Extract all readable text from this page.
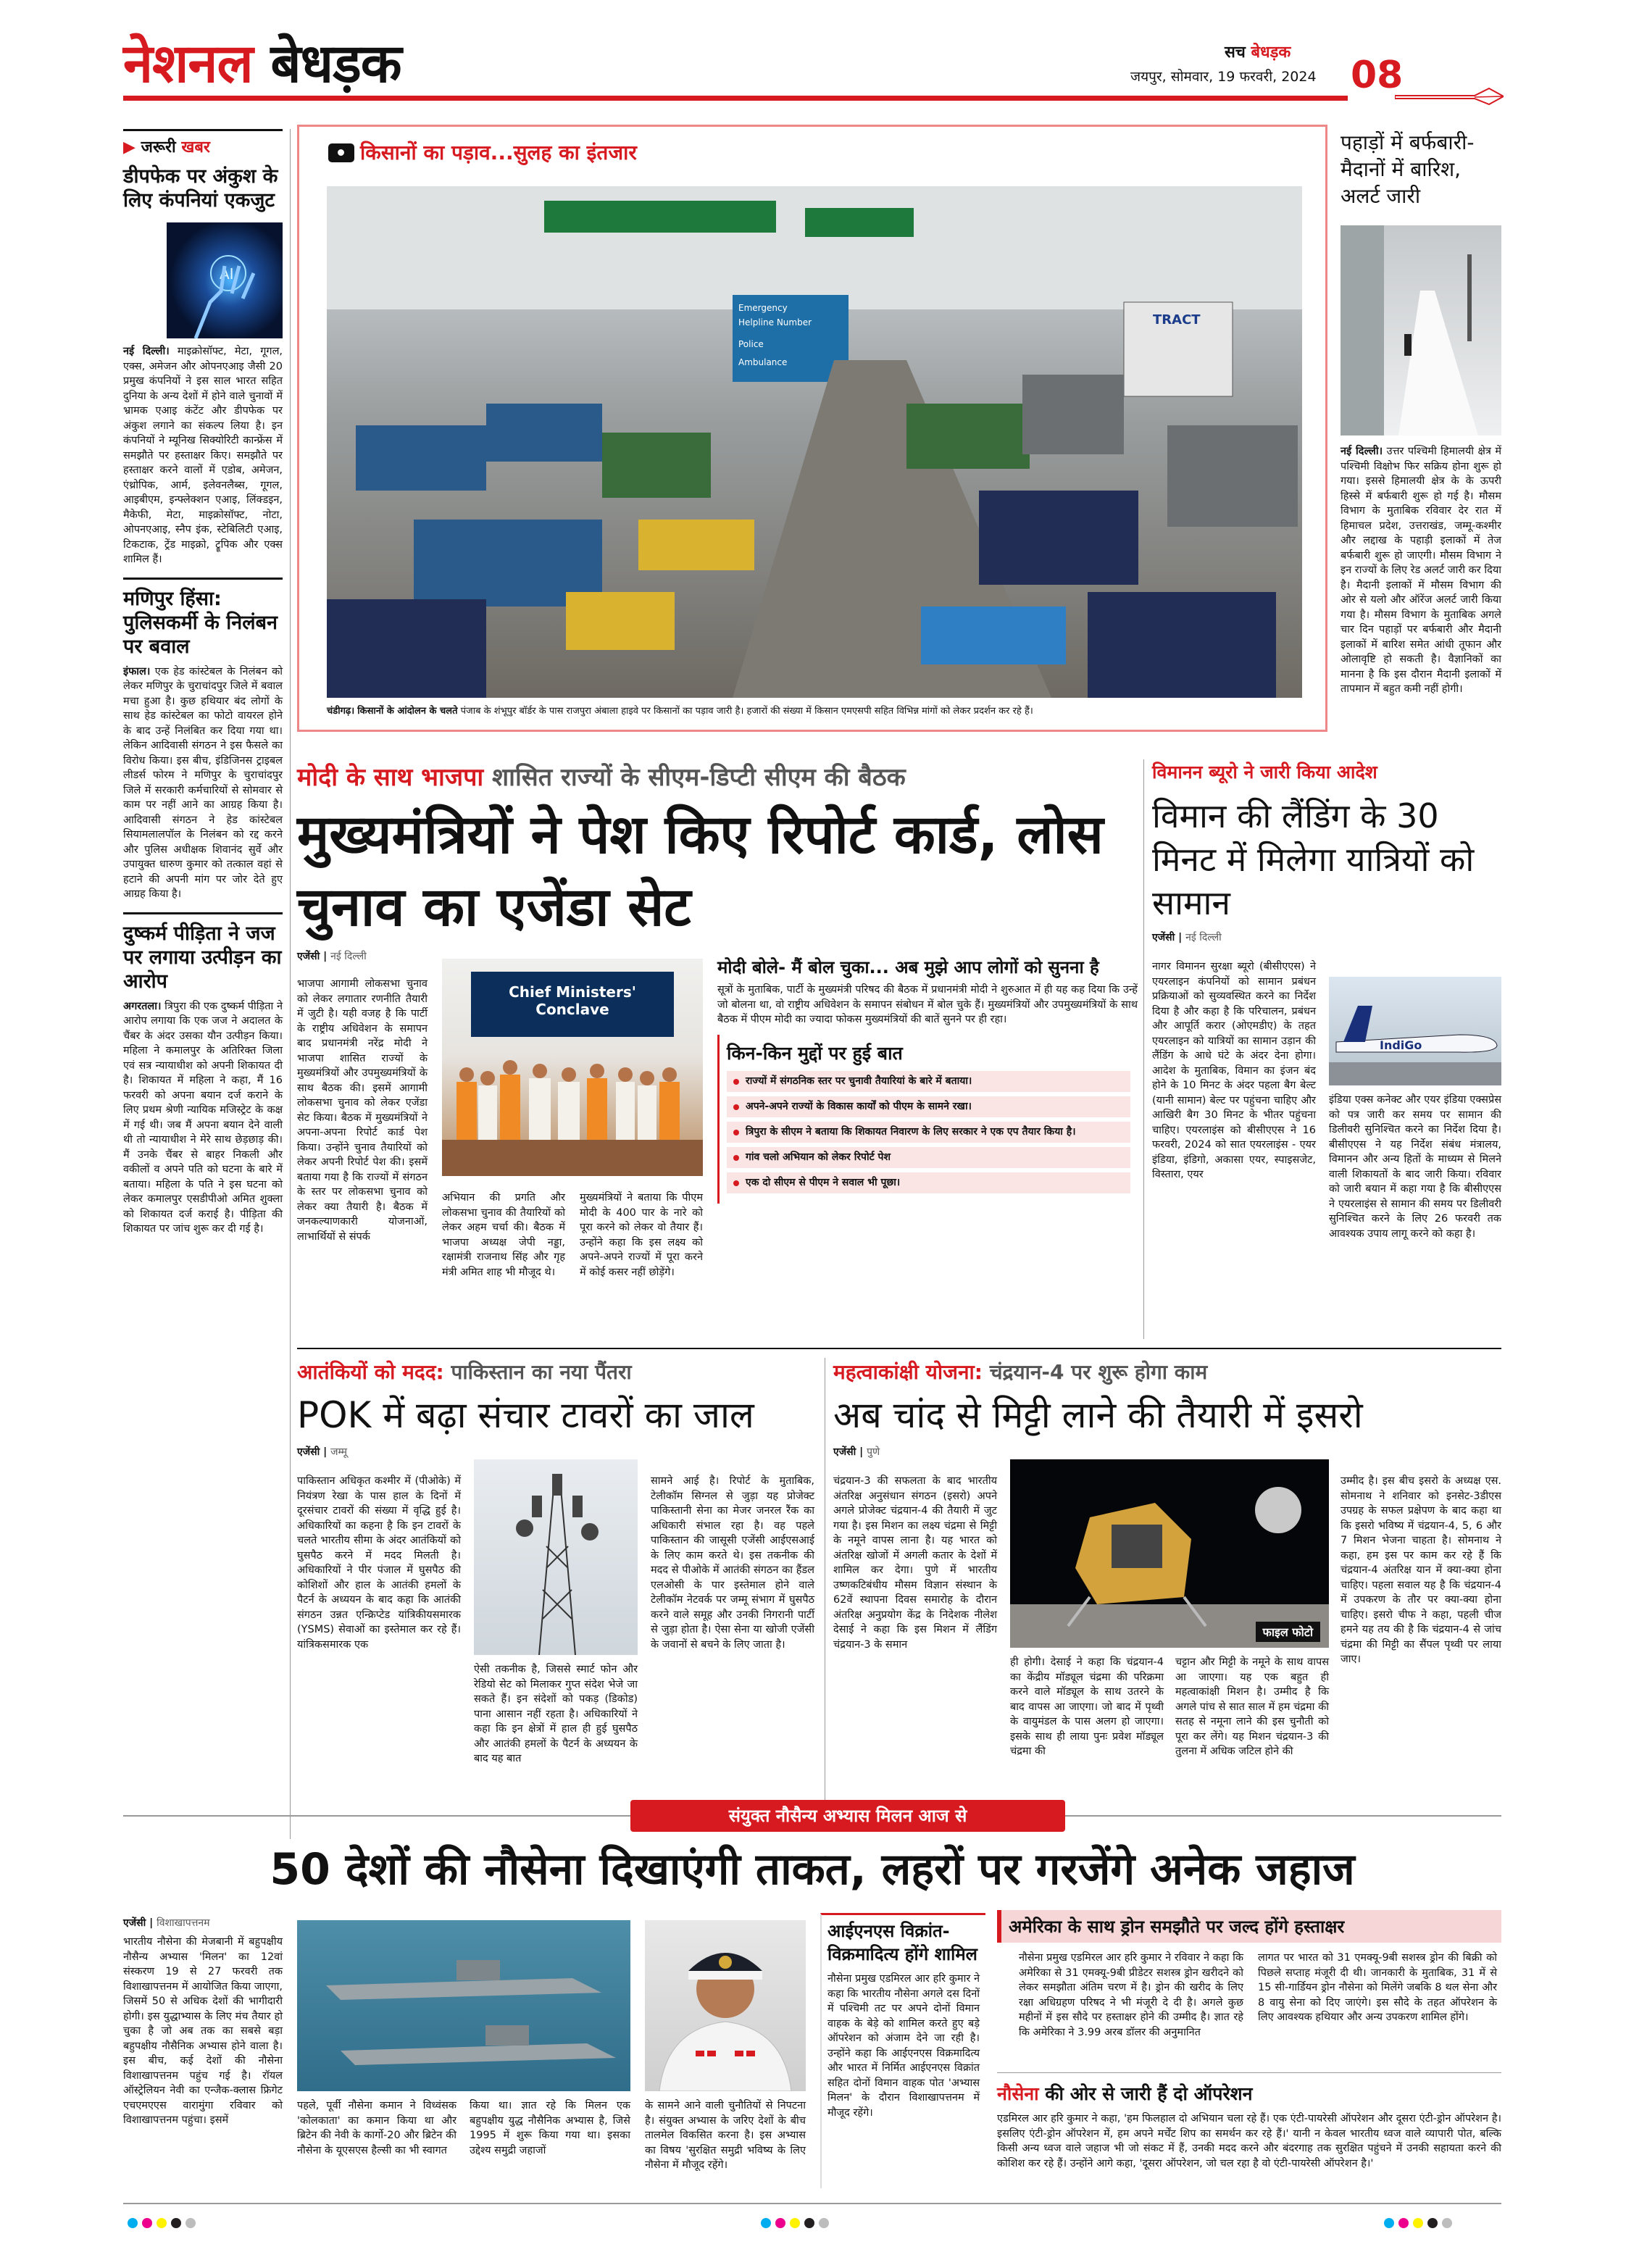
नेशनल बेधड़क	सच बेधड़क
जयपुर, सोमवार, 19 फरवरी, 2024 08
▶ जरूरी खबर
डीपफेक पर अंकुश के लिए कंपनियां एकजुट
AI
नई दिल्ली। माइक्रोसॉफ्ट, मेटा, गूगल, एक्स, अमेजन और ओपनएआइ जैसी 20 प्रमुख कंपनियों ने इस साल भारत सहित दुनिया के अन्य देशों में होने वाले चुनावों में भ्रामक एआइ कंटेंट और डीपफेक पर अंकुश लगाने का संकल्प लिया है। इन कंपनियों ने म्यूनिख सिक्योरिटी कान्फ्रेंस में समझौते पर हस्ताक्षर किए। समझौते पर हस्ताक्षर करने वालों में एडोब, अमेजन, एंथ्रोपिक, आर्म, इलेवनलैब्स, गूगल, आइबीएम, इन्फ्लेक्शन एआइ, लिंक्डइन, मैकेफी, मेटा, माइक्रोसॉफ्ट, नोटा, ओपनएआइ, स्नैप इंक, स्टेबिलिटी एआइ, टिकटाक, ट्रेंड माइक्रो, ट्रूपिक और एक्स शामिल हैं।
मणिपुर हिंसा: पुलिसकर्मी के निलंबन पर बवाल
इंफाल। एक हेड कांस्टेबल के निलंबन को लेकर मणिपुर के चुराचांदपुर जिले में बवाल मचा हुआ है। कुछ हथियार बंद लोगों के साथ हेड कांस्टेबल का फोटो वायरल होने के बाद उन्हें निलंबित कर दिया गया था। लेकिन आदिवासी संगठन ने इस फैसले का विरोध किया। इस बीच, इंडिजिनस ट्राइबल लीडर्स फोरम ने मणिपुर के चुराचांदपुर जिले में सरकारी कर्मचारियों से सोमवार से काम पर नहीं आने का आग्रह किया है। आदिवासी संगठन ने हेड कांस्टेबल सियामलालपॉल के निलंबन को रद्द करने और पुलिस अधीक्षक शिवानंद सुर्वे और उपायुक्त धारुण कुमार को तत्काल वहां से हटाने की अपनी मांग पर जोर देते हुए आग्रह किया है।
दुष्कर्म पीड़िता ने जज पर लगाया उत्पीड़न का आरोप
अगरतला। त्रिपुरा की एक दुष्कर्म पीड़िता ने आरोप लगाया कि एक जज ने अदालत के चैंबर के अंदर उसका यौन उत्पीड़न किया। महिला ने कमालपुर के अतिरिक्त जिला एवं सत्र न्यायाधीश को अपनी शिकायत दी है। शिकायत में महिला ने कहा, मैं 16 फरवरी को अपना बयान दर्ज कराने के लिए प्रथम श्रेणी न्यायिक मजिस्ट्रेट के कक्ष में गई थी। जब मैं अपना बयान देने वाली थी तो न्यायाधीश ने मेरे साथ छेड़छाड़ की। मैं उनके चैंबर से बाहर निकली और वकीलों व अपने पति को घटना के बारे में बताया। महिला के पति ने इस घटना को लेकर कमालपुर एसडीपीओ अमित शुक्ला को शिकायत दर्ज कराई है। पीड़िता की शिकायत पर जांच शुरू कर दी गई है।
किसानों का पड़ाव...सुलह का इंतजार
Emergency
Helpline Number
Police
Ambulance
TRACT
चंडीगढ़। किसानों के आंदोलन के चलते पंजाब के शंभूपुर बॉर्डर के पास राजपुरा अंबाला हाइवे पर किसानों का पड़ाव जारी है। हजारों की संख्या में किसान एमएसपी सहित विभिन्न मांगों को लेकर प्रदर्शन कर रहे हैं।
पहाड़ों में बर्फबारी- मैदानों में बारिश, अलर्ट जारी
नई दिल्ली। उत्तर पश्चिमी हिमालयी क्षेत्र में पश्चिमी विक्षोभ फिर सक्रिय होना शुरू हो गया। इससे हिमालयी क्षेत्र के के ऊपरी हिस्से में बर्फबारी शुरू हो गई है। मौसम विभाग के मुताबिक रविवार देर रात में हिमाचल प्रदेश, उत्तराखंड, जम्मू-कश्मीर और लद्दाख के पहाड़ी इलाकों में तेज बर्फबारी शुरू हो जाएगी। मौसम विभाग ने इन राज्यों के लिए रेड अलर्ट जारी कर दिया है। मैदानी इलाकों में मौसम विभाग की ओर से यलो और ऑरेंज अलर्ट जारी किया गया है। मौसम विभाग के मुताबिक अगले चार दिन पहाड़ों पर बर्फबारी और मैदानी इलाकों में बारिश समेत आंधी तूफान और ओलावृष्टि हो सकती है। वैज्ञानिकों का मानना है कि इस दौरान मैदानी इलाकों में तापमान में बहुत कमी नहीं होगी।
मोदी के साथ भाजपा शासित राज्यों के सीएम-डिप्टी सीएम की बैठक
मुख्यमंत्रियों ने पेश किए रिपोर्ट कार्ड, लोस चुनाव का एजेंडा सेट
एजेंसी | नई दिल्ली
भाजपा आगामी लोकसभा चुनाव को लेकर लगातार रणनीति तैयारी में जुटी है। यही वजह है कि पार्टी के राष्ट्रीय अधिवेशन के समापन बाद प्रधानमंत्री नरेंद्र मोदी ने भाजपा शासित राज्यों के मुख्यमंत्रियों और उपमुख्यमंत्रियों के साथ बैठक की। इसमें आगामी लोकसभा चुनाव को लेकर एजेंडा सेट किया। बैठक में मुख्यमंत्रियों ने अपना-अपना रिपोर्ट कार्ड पेश किया। उन्होंने चुनाव तैयारियों को लेकर अपनी रिपोर्ट पेश की। इसमें बताया गया है कि राज्यों में संगठन के स्तर पर लोकसभा चुनाव को लेकर क्या तैयारी है। बैठक में जनकल्याणकारी योजनाओं, लाभार्थियों से संपर्क
Chief Ministers'
Conclave
अभियान की प्रगति और लोकसभा चुनाव की तैयारियों को लेकर अहम चर्चा की। बैठक में भाजपा अध्यक्ष जेपी नड्डा, रक्षामंत्री राजनाथ सिंह और गृह मंत्री अमित शाह भी मौजूद थे।
मुख्यमंत्रियों ने बताया कि पीएम मोदी के 400 पार के नारे को पूरा करने को लेकर वो तैयार हैं। उन्होंने कहा कि इस लक्ष्य को अपने-अपने राज्यों में पूरा करने में कोई कसर नहीं छोड़ेंगे।
मोदी बोले- मैं बोल चुका... अब मुझे आप लोगों को सुनना है
सूत्रों के मुताबिक, पार्टी के मुख्यमंत्री परिषद की बैठक में प्रधानमंत्री मोदी ने शुरुआत में ही यह कह दिया कि उन्हें जो बोलना था, वो राष्ट्रीय अधिवेशन के समापन संबोधन में बोल चुके हैं। मुख्यमंत्रियों और उपमुख्यमंत्रियों के साथ बैठक में पीएम मोदी का ज्यादा फोकस मुख्यमंत्रियों की बातें सुनने पर ही रहा।
किन-किन मुद्दों पर हुई बात
राज्यों में संगठनिक स्तर पर चुनावी तैयारियां के बारे में बताया।
अपने-अपने राज्यों के विकास कार्यों को पीएम के सामने रखा।
त्रिपुरा के सीएम ने बताया कि शिकायत निवारण के लिए सरकार ने एक एप तैयार किया है।
गांव चलो अभियान को लेकर रिपोर्ट पेश
एक दो सीएम से पीएम ने सवाल भी पूछा।
विमानन ब्यूरो ने जारी किया आदेश
विमान की लैंडिंग के 30 मिनट में मिलेगा यात्रियों को सामान
एजेंसी | नई दिल्ली
नागर विमानन सुरक्षा ब्यूरो (बीसीएएस) ने एयरलाइन कंपनियों को सामान प्रबंधन प्रक्रियाओं को सुव्यवस्थित करने का निर्देश दिया है और कहा है कि परिचालन, प्रबंधन और आपूर्ति करार (ओएमडीए) के तहत एयरलाइन को यात्रियों का सामान उड़ान की लैंडिंग के आधे घंटे के अंदर देना होगा। आदेश के मुताबिक, विमान का इंजन बंद होने के 10 मिनट के अंदर पहला बैग बेल्ट (यानी सामान) बेल्ट पर पहुंचना चाहिए और आखिरी बैग 30 मिनट के भीतर पहुंचना चाहिए। एयरलाइंस को बीसीएएस ने 16 फरवरी, 2024 को सात एयरलाइंस - एयर इंडिया, इंडिगो, अकासा एयर, स्पाइसजेट, विस्तारा, एयर
IndiGo
इंडिया एक्स कनेक्ट और एयर इंडिया एक्सप्रेस को पत्र जारी कर समय पर सामान की डिलीवरी सुनिश्चित करने का निर्देश दिया है। बीसीएएस ने यह निर्देश संबंध मंत्रालय, विमानन और अन्य हितों के माध्यम से मिलने वाली शिकायतों के बाद जारी किया। रविवार को जारी बयान में कहा गया है कि बीसीएएस ने एयरलाइंस से सामान की समय पर डिलीवरी सुनिश्चित करने के लिए 26 फरवरी तक आवश्यक उपाय लागू करने को कहा है।
आतंकियों को मदद: पाकिस्तान का नया पैंतरा
POK में बढ़ा संचार टावरों का जाल
एजेंसी | जम्मू
पाकिस्तान अधिकृत कश्मीर में (पीओके) में नियंत्रण रेखा के पास हाल के दिनों में दूरसंचार टावरों की संख्या में वृद्धि हुई है। अधिकारियों का कहना है कि इन टावरों के चलते भारतीय सीमा के अंदर आतंकियों को घुसपैठ करने में मदद मिलती है। अधिकारियों ने पीर पंजाल में घुसपैठ की कोशिशों और हाल के आतंकी हमलों के पैटर्न के अध्ययन के बाद कहा कि आतंकी संगठन उन्नत एन्क्रिप्टेड यांत्रिकीयसमारक (YSMS) सेवाओं का इस्तेमाल कर रहे हैं। यांत्रिकसमारक एक
ऐसी तकनीक है, जिससे स्मार्ट फोन और रेडियो सेट को मिलाकर गुप्त संदेश भेजे जा सकते हैं। इन संदेशों को पकड़ (डिकोड) पाना आसान नहीं रहता है। अधिकारियों ने कहा कि इन क्षेत्रों में हाल ही हुई घुसपैठ और आतंकी हमलों के पैटर्न के अध्ययन के बाद यह बात
सामने आई है। रिपोर्ट के मुताबिक, टेलीकॉम सिग्नल से जुड़ा यह प्रोजेक्ट पाकिस्तानी सेना का मेजर जनरल रैंक का अधिकारी संभाल रहा है। वह पहले पाकिस्तान की जासूसी एजेंसी आईएसआई के लिए काम करते थे। इस तकनीक की मदद से पीओके में आतंकी संगठन का हैंडल एलओसी के पार इस्तेमाल होने वाले टेलीकॉम नेटवर्क पर जम्मू संभाग में घुसपैठ करने वाले समूह और उनकी निगरानी पार्टी से जुड़ा होता है। ऐसा सेना या खोजी एजेंसी के जवानों से बचने के लिए जाता है।
महत्वाकांक्षी योजना: चंद्रयान-4 पर शुरू होगा काम
अब चांद से मिट्टी लाने की तैयारी में इसरो
एजेंसी | पुणे
चंद्रयान-3 की सफलता के बाद भारतीय अंतरिक्ष अनुसंधान संगठन (इसरो) अपने अगले प्रोजेक्ट चंद्रयान-4 की तैयारी में जुट गया है। इस मिशन का लक्ष्य चंद्रमा से मिट्टी के नमूने वापस लाना है। यह भारत को अंतरिक्ष खोजों में अगली कतार के देशों में शामिल कर देगा। पुणे में भारतीय उष्णकटिबंधीय मौसम विज्ञान संस्थान के 62वें स्थापना दिवस समारोह के दौरान अंतरिक्ष अनुप्रयोग केंद्र के निदेशक नीलेश देसाई ने कहा कि इस मिशन में लैंडिंग चंद्रयान-3 के समान
फाइल फोटो
ही होगी। देसाई ने कहा कि चंद्रयान-4 का केंद्रीय मॉड्यूल चंद्रमा की परिक्रमा करने वाले मॉड्यूल के साथ उतरने के बाद वापस आ जाएगा। जो बाद में पृथ्वी के वायुमंडल के पास अलग हो जाएगा। इसके साथ ही लाया पुनः प्रवेश मॉड्यूल चंद्रमा की
चट्टान और मिट्टी के नमूने के साथ वापस आ जाएगा। यह एक बहुत ही महत्वाकांक्षी मिशन है। उम्मीद है कि अगले पांच से सात साल में हम चंद्रमा की सतह से नमूना लाने की इस चुनौती को पूरा कर लेंगे। यह मिशन चंद्रयान-3 की तुलना में अधिक जटिल होने की
उम्मीद है। इस बीच इसरो के अध्यक्ष एस. सोमनाथ ने शनिवार को इनसेट-3डीएस उपग्रह के सफल प्रक्षेपण के बाद कहा था कि इसरो भविष्य में चंद्रयान-4, 5, 6 और 7 मिशन भेजना चाहता है। सोमनाथ ने कहा, हम इस पर काम कर रहे हैं कि चंद्रयान-4 अंतरिक्ष यान में क्या-क्या होना चाहिए। पहला सवाल यह है कि चंद्रयान-4 में उपकरण के तौर पर क्या-क्या होना चाहिए। इसरो चीफ ने कहा, पहली चीज हमने यह तय की है कि चंद्रयान-4 से जांच चंद्रमा की मिट्टी का सैंपल पृथ्वी पर लाया जाए।
संयुक्त नौसैन्य अभ्यास मिलन आज से
50 देशों की नौसेना दिखाएंगी ताकत, लहरों पर गरजेंगे अनेक जहाज
एजेंसी | विशाखापत्तनम
भारतीय नौसेना की मेजबानी में बहुपक्षीय नौसैन्य अभ्यास 'मिलन' का 12वां संस्करण 19 से 27 फरवरी तक विशाखापत्तनम में आयोजित किया जाएगा, जिसमें 50 से अधिक देशों की भागीदारी होगी। इस युद्धाभ्यास के लिए मंच तैयार हो चुका है जो अब तक का सबसे बड़ा बहुपक्षीय नौसैनिक अभ्यास होने वाला है। इस बीच, कई देशों की नौसेना विशाखापत्तनम पहुंच गई है। रॉयल ऑस्ट्रेलियन नेवी का एन्जैक-क्लास फ्रिगेट एचएमएएस वारामुंगा रविवार को विशाखापत्तनम पहुंचा। इसमें
पहले, पूर्वी नौसेना कमान ने विध्वंसक 'कोलकाता' का कमान किया था और ब्रिटेन की नेवी के कार्गो-20 और ब्रिटेन की नौसेना के यूएसएस हैल्सी का भी स्वागत
किया था। ज्ञात रहे कि मिलन एक बहुपक्षीय युद्ध नौसैनिक अभ्यास है, जिसे 1995 में शुरू किया गया था। इसका उद्देश्य समुद्री जहाजों
के सामने आने वाली चुनौतियों से निपटना है। संयुक्त अभ्यास के जरिए देशों के बीच तालमेल विकसित करना है। इस अभ्यास का विषय 'सुरक्षित समुद्री भविष्य के लिए नौसेना में मौजूद रहेंगे।
आईएनएस विक्रांत- विक्रमादित्य होंगे शामिल
नौसेना प्रमुख एडमिरल आर हरि कुमार ने कहा कि भारतीय नौसेना अगले दस दिनों में पश्चिमी तट पर अपने दोनों विमान वाहक के बेड़े को शामिल करते हुए बड़े ऑपरेशन को अंजाम देने जा रही है। उन्होंने कहा कि आईएनएस विक्रमादित्य और भारत में निर्मित आईएनएस विक्रांत सहित दोनों विमान वाहक पोत 'अभ्यास मिलन' के दौरान विशाखापत्तनम में मौजूद रहेंगे।
अमेरिका के साथ ड्रोन समझौते पर जल्द होंगे हस्ताक्षर
नौसेना प्रमुख एडमिरल आर हरि कुमार ने रविवार ने कहा कि अमेरिका से 31 एमक्यू-9बी प्रीडेटर सशस्त्र ड्रोन खरीदने को लेकर समझौता अंतिम चरण में है। ड्रोन की खरीद के लिए रक्षा अधिग्रहण परिषद ने भी मंजूरी दे दी है। अगले कुछ महीनों में इस सौदे पर हस्ताक्षर होने की उम्मीद है। ज्ञात रहे कि अमेरिका ने 3.99 अरब डॉलर की अनुमानित
लागत पर भारत को 31 एमक्यू-9बी सशस्त्र ड्रोन की बिक्री को पिछले सप्ताह मंजूरी दी थी। जानकारी के मुताबिक, 31 में से 15 सी-गार्डियन ड्रोन नौसेना को मिलेंगे जबकि 8 थल सेना और 8 वायु सेना को दिए जाएंगे। इस सौदे के तहत ऑपरेशन के लिए आवश्यक हथियार और अन्य उपकरण शामिल होंगे।
नौसेना की ओर से जारी हैं दो ऑपरेशन
एडमिरल आर हरि कुमार ने कहा, 'हम फिलहाल दो अभियान चला रहे हैं। एक एंटी-पायरेसी ऑपरेशन और दूसरा एंटी-ड्रोन ऑपरेशन है। इसलिए एंटी-ड्रोन ऑपरेशन में, हम अपने मर्चेंट शिप का समर्थन कर रहे हैं।' यानी न केवल भारतीय ध्वज वाले व्यापारी पोत, बल्कि किसी अन्य ध्वज वाले जहाज भी जो संकट में हैं, उनकी मदद करने और बंदरगाह तक सुरक्षित पहुंचने में उनकी सहायता करने की कोशिश कर रहे हैं। उन्होंने आगे कहा, 'दूसरा ऑपरेशन, जो चल रहा है वो एंटी-पायरेसी ऑपरेशन है।'
